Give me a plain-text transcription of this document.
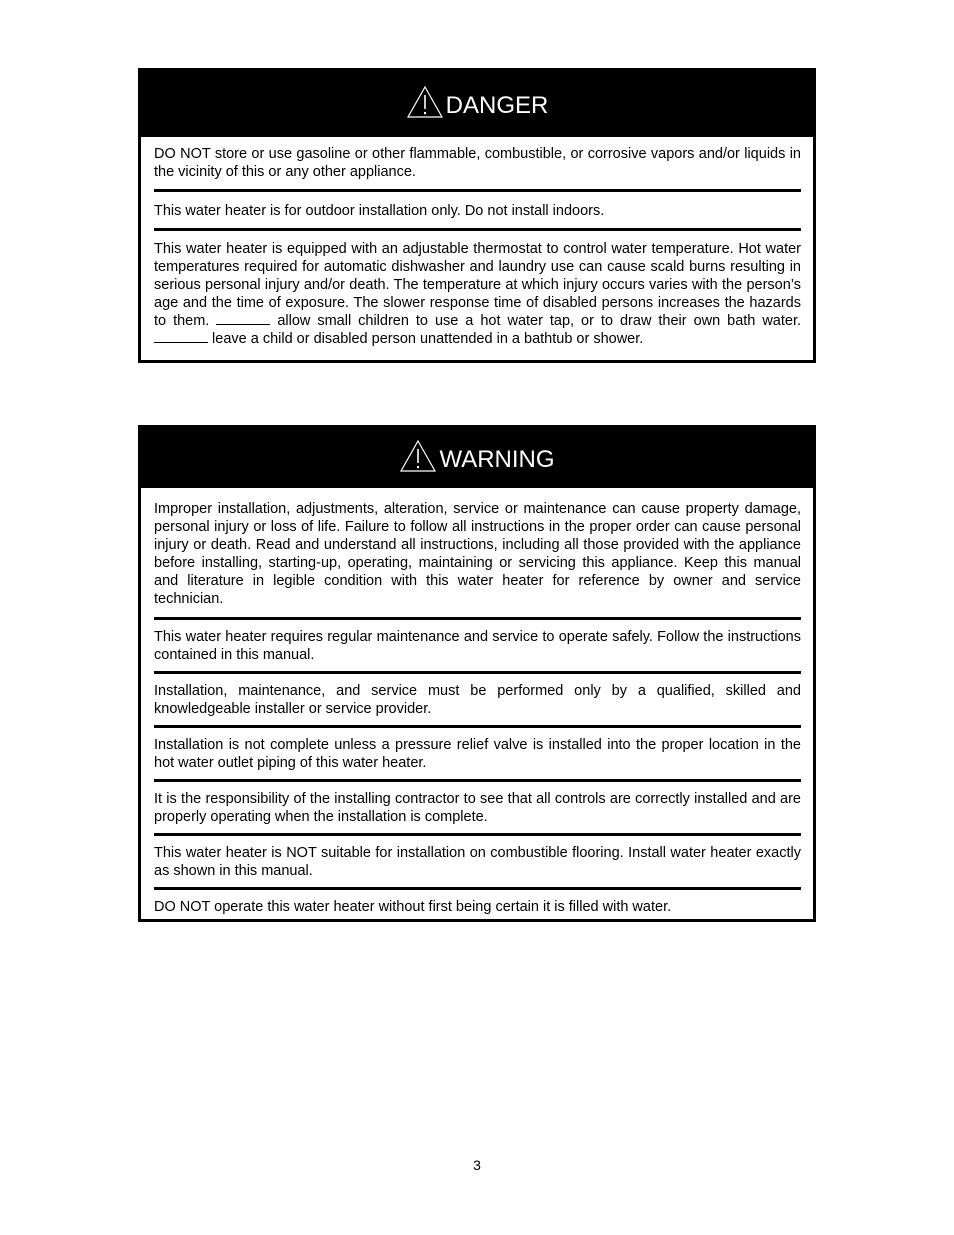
DANGER

DO NOT store or use gasoline or other flammable, combustible, or corrosive vapors and/or liquids in the vicinity of this or any other appliance.

This water heater is for outdoor installation only. Do not install indoors.

This water heater is equipped with an adjustable thermostat to control water temperature. Hot water temperatures required for automatic dishwasher and laundry use can cause scald burns resulting in serious personal injury and/or death. The temperature at which injury occurs varies with the person’s age and the time of exposure. The slower response time of disabled persons increases the hazards to them.	allow small children to use a hot water tap, or to draw their own bath water.  leave a child or disabled person unattended in a bathtub or shower.

WARNING

Improper installation, adjustments, alteration, service or maintenance can cause property damage, personal injury or loss of life. Failure to follow all instructions in the proper order can cause personal injury or death. Read and understand all instructions, including all those provided with the appliance before installing, starting-up, operating, maintaining or servicing this appliance. Keep this manual and literature in legible condition with this water heater for reference by owner and service technician.

This water heater requires regular maintenance and service to operate safely. Follow the instructions contained in this manual.

Installation, maintenance, and service must be performed only by a qualified, skilled and knowledgeable installer or service provider.

Installation is not complete unless a pressure relief valve is installed into the proper location in the hot water outlet piping of this water heater.

It is the responsibility of the installing contractor to see that all controls are correctly installed and are properly operating when the installation is complete.

This water heater is NOT suitable for installation on combustible flooring. Install water heater exactly as shown in this manual.

DO NOT operate this water heater without first being certain it is filled with water.

3
